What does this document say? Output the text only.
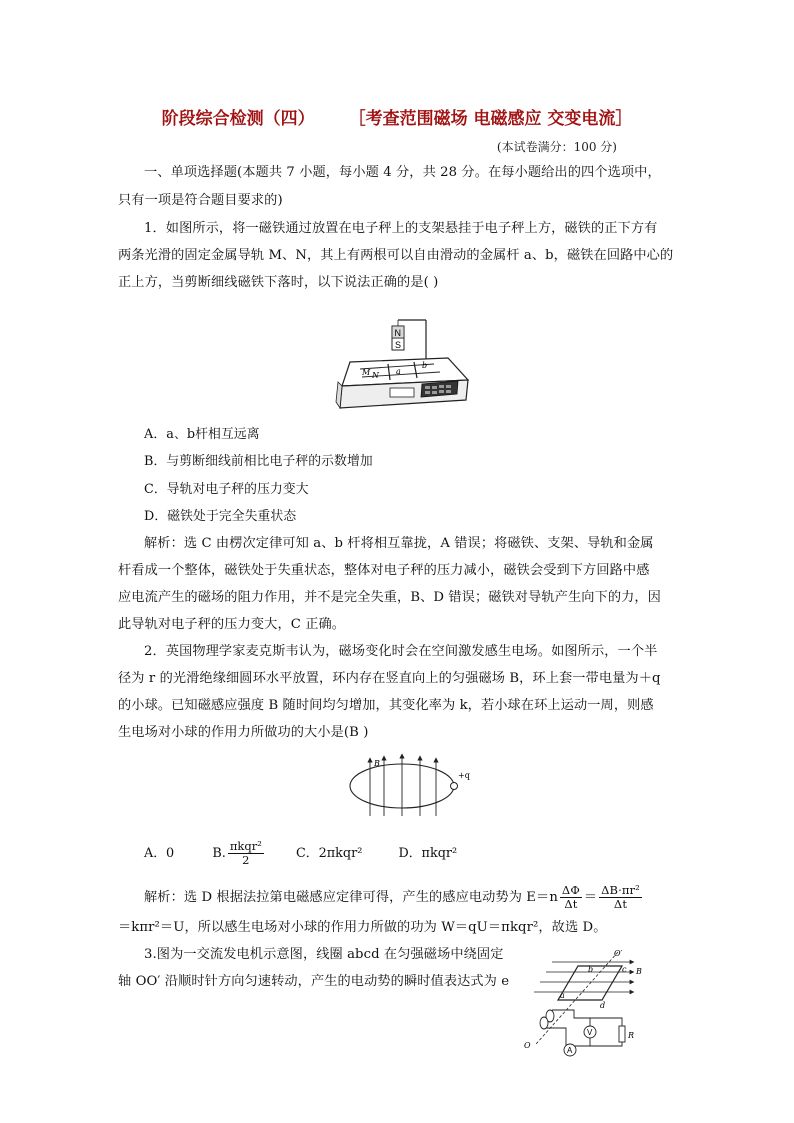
阶段综合检测（四） ［考查范围磁场 电磁感应 交变电流］
(本试卷满分：100 分)

一、单项选择题(本题共 7 小题，每小题 4 分，共 28 分。在每小题给出的四个选项中，

只有一项是符合题目要求的)

1．如图所示，将一磁铁通过放置在电子秤上的支架悬挂于电子秤上方，磁铁的正下方有

两条光滑的固定金属导轨 M、N，其上有两根可以自由滑动的金属杆 a、b，磁铁在回路中心的

正上方，当剪断细线磁铁下落时，以下说法正确的是( )

N
S
M N a
b

A．a、b杆相互远离

B．与剪断细线前相比电子秤的示数增加

C．导轨对电子秤的压力变大

D．磁铁处于完全失重状态

解析：选 C 由楞次定律可知 a、b 杆将相互靠拢，A 错误；将磁铁、支架、导轨和金属

杆看成一个整体，磁铁处于失重状态，整体对电子秤的压力减小，磁铁会受到下方回路中感

应电流产生的磁场的阻力作用，并不是完全失重，B、D 错误；磁铁对导轨产生向下的力，因

此导轨对电子秤的压力变大，C 正确。

2．英国物理学家麦克斯韦认为，磁场变化时会在空间激发感生电场。如图所示，一个半

径为 r 的光滑绝缘细圆环水平放置，环内存在竖直向上的匀强磁场 B，环上套一带电量为＋q

的小球。已知磁感应强度 B 随时间均匀增加，其变化率为 k，若小球在环上运动一周，则感

生电场对小球的作用力所做功的大小是(B )

B
+q
A．0	B. $\frac{\text{πkqr²}}{2}$	C．2πkqr²	D．πkqr²

解析：选 D 根据法拉第电磁感应定律可得，产生的感应电动势为 $E=n \frac{\Delta\Phi}{\Delta t} = \frac{\text{ΔB·πr²}}{\Delta t}$

＝kπr²＝U，所以感生电场对小球的作用力所做的功为 W＝qU＝πkqr²，故选 D。

3.图为一交流发电机示意图，线圈 abcd 在匀强磁场中绕固定

轴 OO′ 沿顺时针方向匀速转动，产生的电动势的瞬时值表达式为 e

B
O′
O
b	c
a
d
V	R
A
